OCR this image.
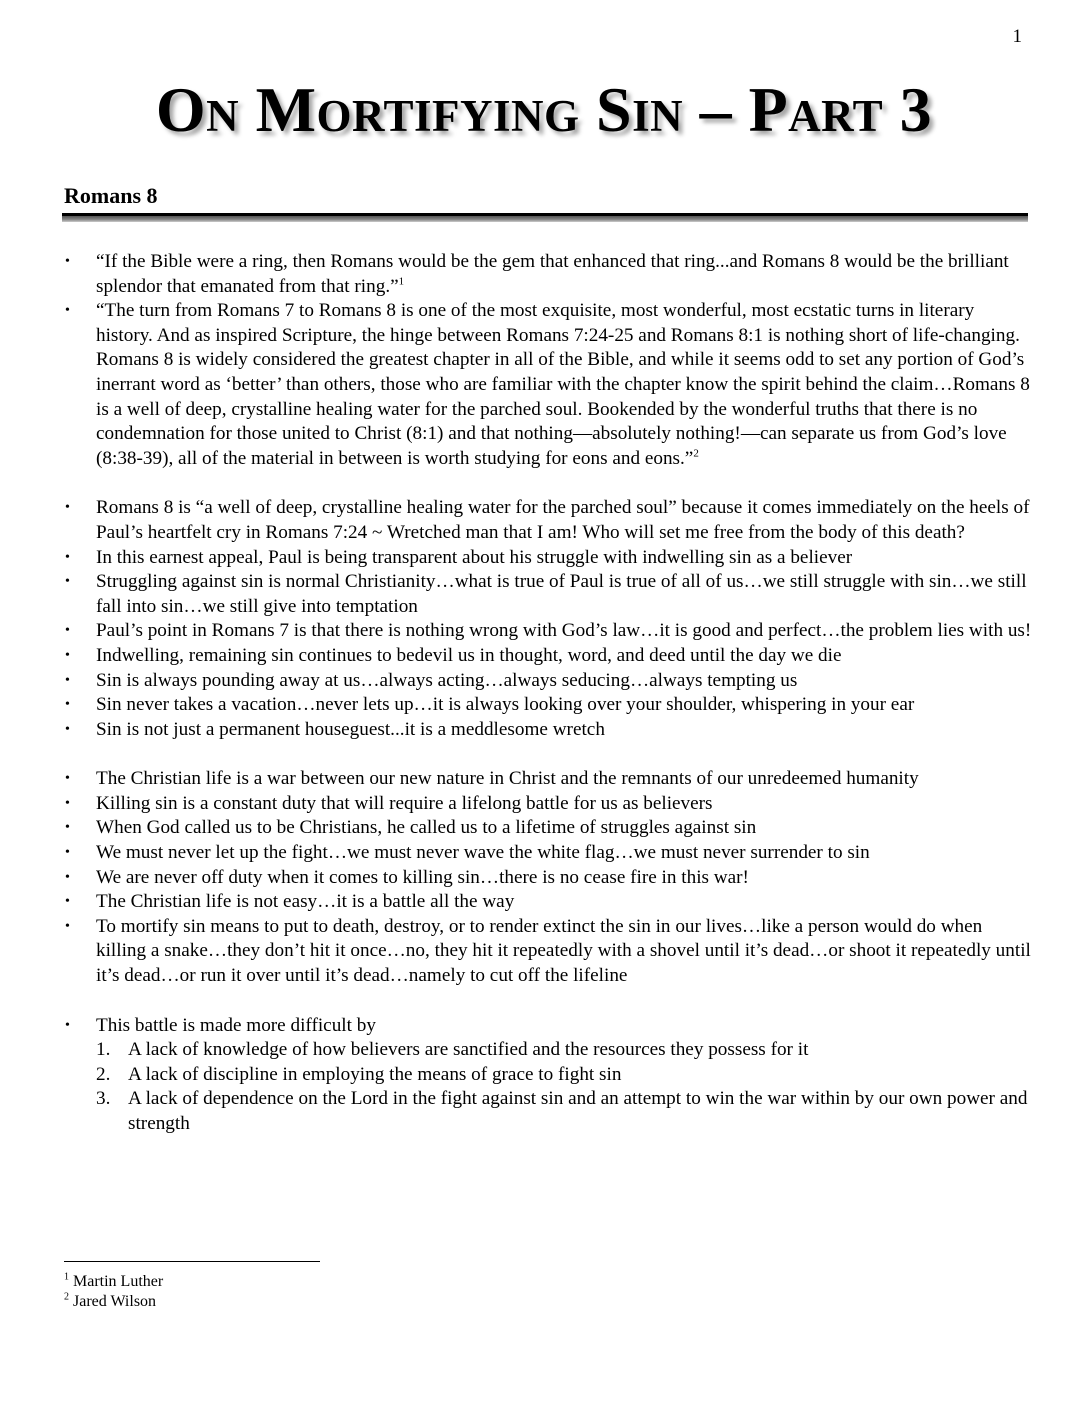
1
On Mortifying Sin – Part 3
Romans 8
• “If the Bible were a ring, then Romans would be the gem that enhanced that ring...and Romans 8 would be the brilliant splendor that emanated from that ring.”$^1$
• “The turn from Romans 7 to Romans 8 is one of the most exquisite, most wonderful, most ecstatic turns in literary history. And as inspired Scripture, the hinge between Romans 7:24-25 and Romans 8:1 is nothing short of life-changing. Romans 8 is widely considered the greatest chapter in all of the Bible, and while it seems odd to set any portion of God’s inerrant word as ‘better’ than others, those who are familiar with the chapter know the spirit behind the claim…Romans 8 is a well of deep, crystalline healing water for the parched soul. Bookended by the wonderful truths that there is no condemnation for those united to Christ (8:1) and that nothing—absolutely nothing!—can separate us from God’s love (8:38-39), all of the material in between is worth studying for eons and eons.”$^2$
• Romans 8 is “a well of deep, crystalline healing water for the parched soul” because it comes immediately on the heels of Paul’s heartfelt cry in Romans 7:24 ~ Wretched man that I am! Who will set me free from the body of this death?
• In this earnest appeal, Paul is being transparent about his struggle with indwelling sin as a believer
• Struggling against sin is normal Christianity…what is true of Paul is true of all of us…we still struggle with sin…we still fall into sin…we still give into temptation
• Paul’s point in Romans 7 is that there is nothing wrong with God’s law…it is good and perfect…the problem lies with us!
• Indwelling, remaining sin continues to bedevil us in thought, word, and deed until the day we die
• Sin is always pounding away at us…always acting…always seducing…always tempting us
• Sin never takes a vacation…never lets up…it is always looking over your shoulder, whispering in your ear
• Sin is not just a permanent houseguest...it is a meddlesome wretch
• The Christian life is a war between our new nature in Christ and the remnants of our unredeemed humanity
• Killing sin is a constant duty that will require a lifelong battle for us as believers
• When God called us to be Christians, he called us to a lifetime of struggles against sin
• We must never let up the fight…we must never wave the white flag…we must never surrender to sin
• We are never off duty when it comes to killing sin…there is no cease fire in this war!
• The Christian life is not easy…it is a battle all the way
• To mortify sin means to put to death, destroy, or to render extinct the sin in our lives…like a person would do when killing a snake…they don’t hit it once…no, they hit it repeatedly with a shovel until it’s dead…or shoot it repeatedly until it’s dead…or run it over until it’s dead…namely to cut off the lifeline
• This battle is made more difficult by
1. A lack of knowledge of how believers are sanctified and the resources they possess for it
2. A lack of discipline in employing the means of grace to fight sin
3. A lack of dependence on the Lord in the fight against sin and an attempt to win the war within by our own power and strength
$^1$ Martin Luther
$^2$ Jared Wilson
